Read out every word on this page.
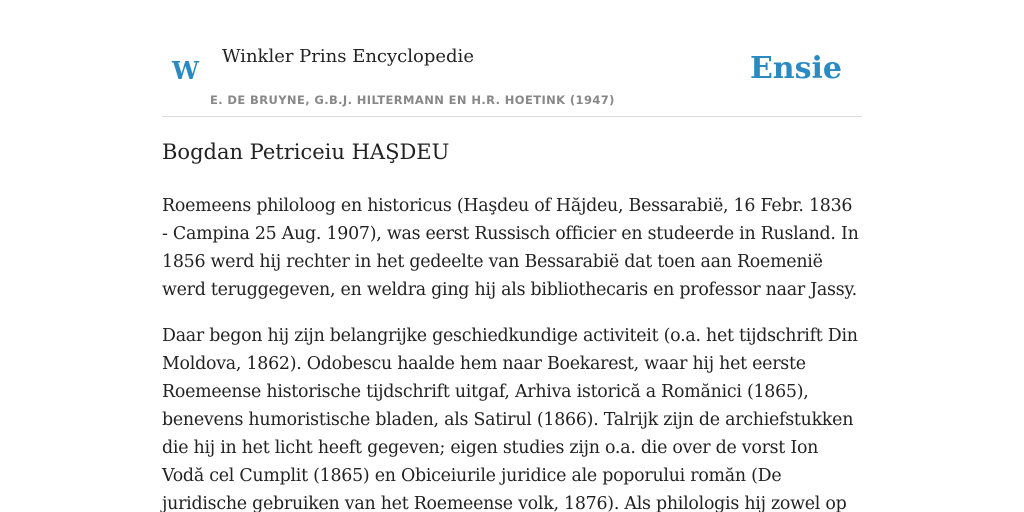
W Winkler Prins Encyclopedie
E. DE BRUYNE, G.B.J. HILTERMANN EN H.R. HOETINK (1947)
Ensie
Bogdan Petriceiu HAŞDEU

Roemeens philoloog en historicus (Haşdeu of Hăjdeu, Bessarabië, 16 Febr. 1836 - Campina 25 Aug. 1907), was eerst Russisch officier en studeerde in Rusland. In 1856 werd hij rechter in het gedeelte van Bessarabië dat toen aan Roemenië werd teruggegeven, en weldra ging hij als bibliothecaris en professor naar Jassy.

Daar begon hij zijn belangrijke geschiedkundige activiteit (o.a. het tijdschrift Din Moldova, 1862). Odobescu haalde hem naar Boekarest, waar hij het eerste Roemeense historische tijdschrift uitgaf, Arhiva istorică a Romănici (1865), benevens humoristische bladen, als Satirul (1866). Talrijk zijn de archiefstukken die hij in het licht heeft gegeven; eigen studies zijn o.a. die over de vorst Ion Vodă cel Cumplit (1865) en Obiceiurile juridice ale poporului romăn (De juridische gebruiken van het Roemeense volk, 1876). Als philologis hij zowel op
